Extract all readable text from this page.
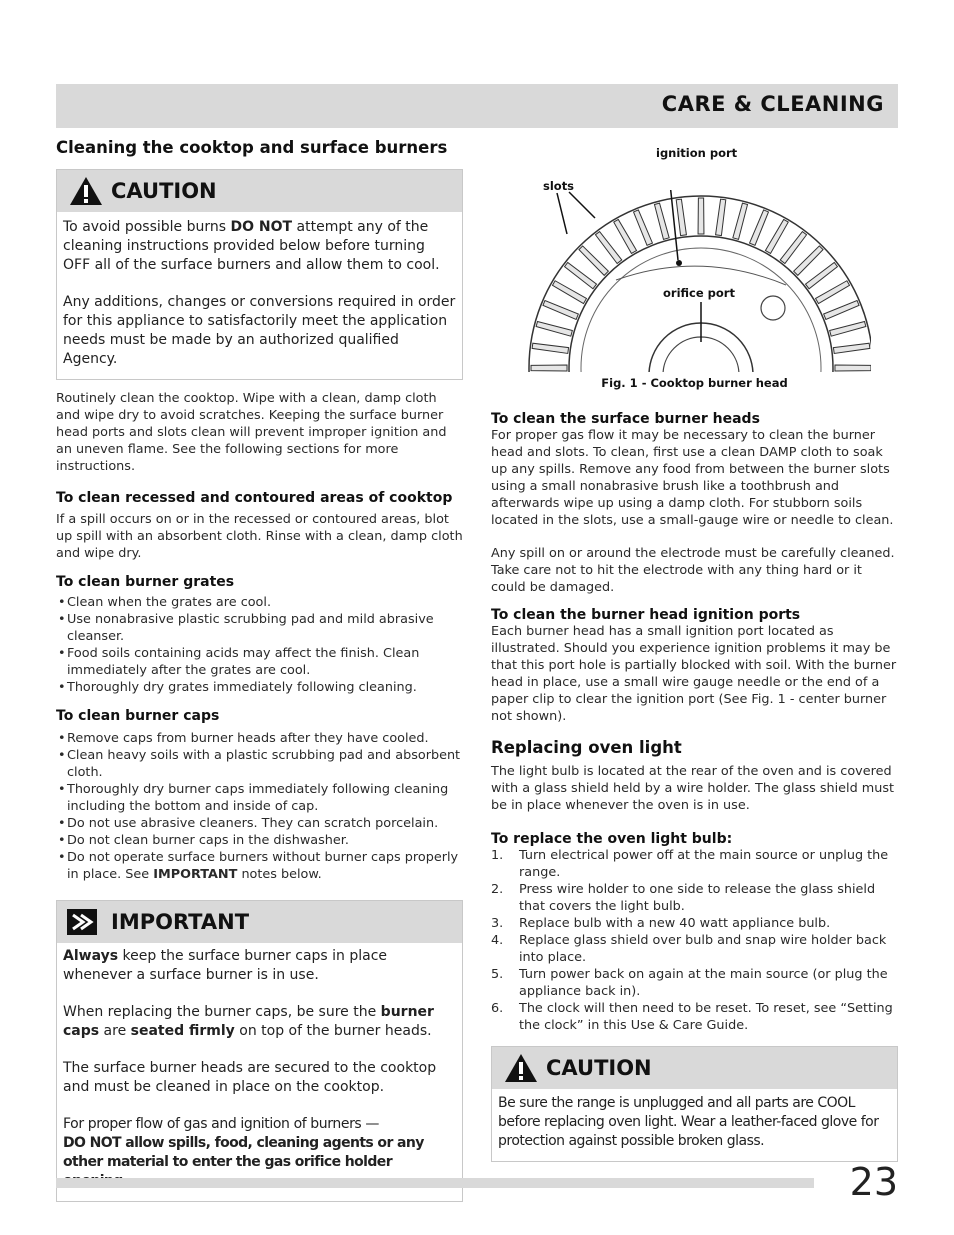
CARE & CLEANING
Cleaning the cooktop and surface burners
CAUTION

To avoid possible burns DO NOT attempt any of the cleaning instructions provided below before turning OFF all of the surface burners and allow them to cool.

Any additions, changes or conversions required in order for this appliance to satisfactorily meet the application needs must be made by an authorized qualified Agency.

Routinely clean the cooktop. Wipe with a clean, damp cloth and wipe dry to avoid scratches. Keeping the surface burner head ports and slots clean will prevent improper ignition and an uneven flame. See the following sections for more instructions.

To clean recessed and contoured areas of cooktop

If a spill occurs on or in the recessed or contoured areas, blot up spill with an absorbent cloth. Rinse with a clean, damp cloth and wipe dry.

To clean burner grates
• Clean when the grates are cool.
• Use nonabrasive plastic scrubbing pad and mild abrasive cleanser.
• Food soils containing acids may affect the finish. Clean immediately after the grates are cool.
• Thoroughly dry grates immediately following cleaning.
To clean burner caps
• Remove caps from burner heads after they have cooled.
• Clean heavy soils with a plastic scrubbing pad and absorbent cloth.
• Thoroughly dry burner caps immediately following cleaning including the bottom and inside of cap.
• Do not use abrasive cleaners. They can scratch porcelain.
• Do not clean burner caps in the dishwasher.
• Do not operate surface burners without burner caps properly in place. See IMPORTANT notes below.
IMPORTANT

Always keep the surface burner caps in place whenever a surface burner is in use.

When replacing the burner caps, be sure the burner caps are seated firmly on top of the burner heads.

The surface burner heads are secured to the cooktop and must be cleaned in place on the cooktop.

For proper flow of gas and ignition of burners —

DO NOT allow spills, food, cleaning agents or any other material to enter the gas orifice holder

ignition port
slots
orifice port
Fig. 1 - Cooktop burner head
To clean the surface burner heads

For proper gas flow it may be necessary to clean the burner head and slots. To clean, first use a clean DAMP cloth to soak up any spills. Remove any food from between the burner slots using a small nonabrasive brush like a toothbrush and afterwards wipe up using a damp cloth. For stubborn soils located in the slots, use a small-gauge wire or needle to clean.

Any spill on or around the electrode must be carefully cleaned. Take care not to hit the electrode with any thing hard or it could be damaged.

To clean the burner head ignition ports

Each burner head has a small ignition port located as illustrated. Should you experience ignition problems it may be that this port hole is partially blocked with soil. With the burner head in place, use a small wire gauge needle or the end of a paper clip to clear the ignition port (See Fig. 1 - center burner not shown).

Replacing oven light

The light bulb is located at the rear of the oven and is covered with a glass shield held by a wire holder. The glass shield must be in place whenever the oven is in use.

To replace the oven light bulb:
1. Turn electrical power off at the main source or unplug the range.
2. Press wire holder to one side to release the glass shield that covers the light bulb.
3. Replace bulb with a new 40 watt appliance bulb.
4. Replace glass shield over bulb and snap wire holder back into place.
5. Turn power back on again at the main source (or plug the appliance back in).
6. The clock will then need to be reset. To reset, see “Setting the clock” in this Use & Care Guide.
CAUTION

Be sure the range is unplugged and all parts are COOL before replacing oven light. Wear a leather-faced glove for protection against possible broken glass.

23
